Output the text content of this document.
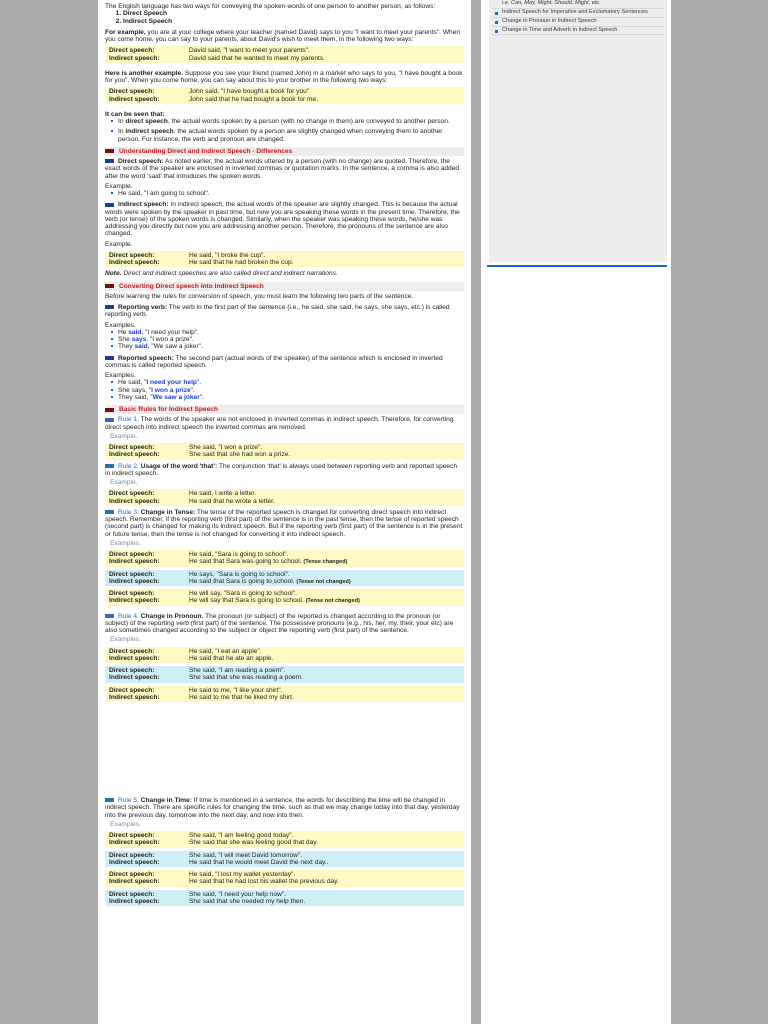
i.e. Can, May, Might, Should, Might, etc.
Indirect Speech for Imperative and Exclamatory Sentences
Change in Pronoun in Indirect Speech
Change in Time and Adverb in Indirect Speech

The English language has two ways for conveying the spoken-words of one person to another person, as follows:

1. Direct Speech
2. Indirect Speech

For example, you are at your college where your teacher (named David) says to you "I want to meet your parents". When you come home, you can say to your parents, about David's wish to meet them, in the following two ways:

Direct speech:	David said, "I want to meet your parents".
Indirect speech:	David said that he wanted to meet my parents.

Here is another example. Suppose you see your friend (named John) in a market who says to you, "I have bought a book for you". When you come home, you can say about this to your brother in the following two ways:

Direct speech:	John said, "I have bought a book for you"
Indirect speech:	John said that he had bought a book for me.

It can be seen that:

In direct speech, the actual words spoken by a person (with no change in them) are conveyed to another person.
In indirect speech, the actual words spoken by a person are slightly changed when conveying them to another person. For instance, the verb and pronoun are changed.
Understanding Direct and Indirect Speech - Differences

Direct speech: As noted earlier, the actual words uttered by a person (with no change) are quoted. Therefore, the exact words of the speaker are enclosed in inverted commas or quotation marks. In the sentence, a comma is also added after the word 'said' that introduces the spoken words.

Example.

He said, "I am going to school".

Indirect speech: In indirect speech, the actual words of the speaker are slightly changed. This is because the actual words were spoken by the speaker in past time, but now you are speaking these words in the present time. Therefore, the verb (or tense) of the spoken words is changed. Similarly, when the speaker was speaking these words, he/she was addressing you directly but now you are addressing another person. Therefore, the pronouns of the sentence are also changed.

Example.

Direct speech:	He said, "I broke the cup".
Indirect speech:	He said that he had broken the cup.

Note. Direct and indirect speeches are also called direct and indirect narrations.

Converting Direct speech into Indirect Speech

Before learning the rules for conversion of speech, you must learn the following two parts of the sentence.

Reporting verb: The verb in the first part of the sentence (i.e., he said, she said, he says, she says, etc.) is called reporting verb.

Examples.

He said, "I need your help".
She says, "I won a prize".
They said, "We saw a joker".

Reported speech: The second part (actual words of the speaker) of the sentence which is enclosed in inverted commas is called reported speech.

Examples.

He said, "I need your help".
She says, "I won a prize".
They said, "We saw a joker".
Basic Rules for Indirect Speech

Rule 1. The words of the speaker are not enclosed in inverted commas in indirect speech. Therefore, for converting direct speech into indirect speech the inverted commas are removed.

Example.

Direct speech:	She said, "I won a prize".
Indirect speech:	She said that she had won a prize.

Rule 2. Usage of the word 'that': The conjunction 'that' is always used between reporting verb and reported speech in indirect speech.

Example.

Direct speech:	He said, I write a letter.
Indirect speech:	He said that he wrote a letter.

Rule 3. Change in Tense: The tense of the reported speech is changed for converting direct speech into indirect speech. Remember, if the reporting verb (first part) of the sentence is in the past tense, then the tense of reported speech (second part) is changed for making its indirect speech. But if the reporting verb (first part) of the sentence is in the present or future tense, then the tense is not changed for converting it into indirect speech.

Examples.

Direct speech:	He said, "Sara is going to school".
Indirect speech:	He said that Sara was going to school. (Tense changed)
Direct speech:	He says, "Sara is going to school".
Indirect speech:	He said that Sara is going to school. (Tense not changed)
Direct speech:	He will say, "Sara is going to school".
Indirect speech:	He will say that Sara is going to school. (Tense not changed)

Rule 4. Change in Pronoun. The pronoun (or subject) of the reported is changed according to the pronoun (or subject) of the reporting verb (first part) of the sentence. The possessive pronouns (e.g., his, her, my, their, your etc) are also sometimes changed according to the subject or object the reporting verb (first part) of the sentence.

Examples.

Direct speech:	He said, "I eat an apple".
Indirect speech:	He said that he ate an apple.
Direct speech:	She said, "I am reading a poem".
Indirect speech:	She said that she was reading a poem.
Direct speech:	He said to me, "I like your shirt".
Indirect speech:	He said to me that he liked my shirt.

Rule 5. Change in Time: If time is mentioned in a sentence, the words for describing the time will be changed in indirect speech. There are specific rules for changing the time, such as that we may change today into that day, yesterday into the previous day, tomorrow into the next day, and now into then.

Examples.

Direct speech:	She said, "I am feeling good today".
Indirect speech:	She said that she was feeling good that day.
Direct speech:	She said, "I will meet David tomorrow".
Indirect speech:	He said that he would meet David the next day..
Direct speech:	He said, "I lost my wallet yesterday".
Indirect speech:	He said that he had lost his wallet the previous day.
Direct speech:	She said, "I need your help now".
Indirect speech:	She said that she needed my help then.
